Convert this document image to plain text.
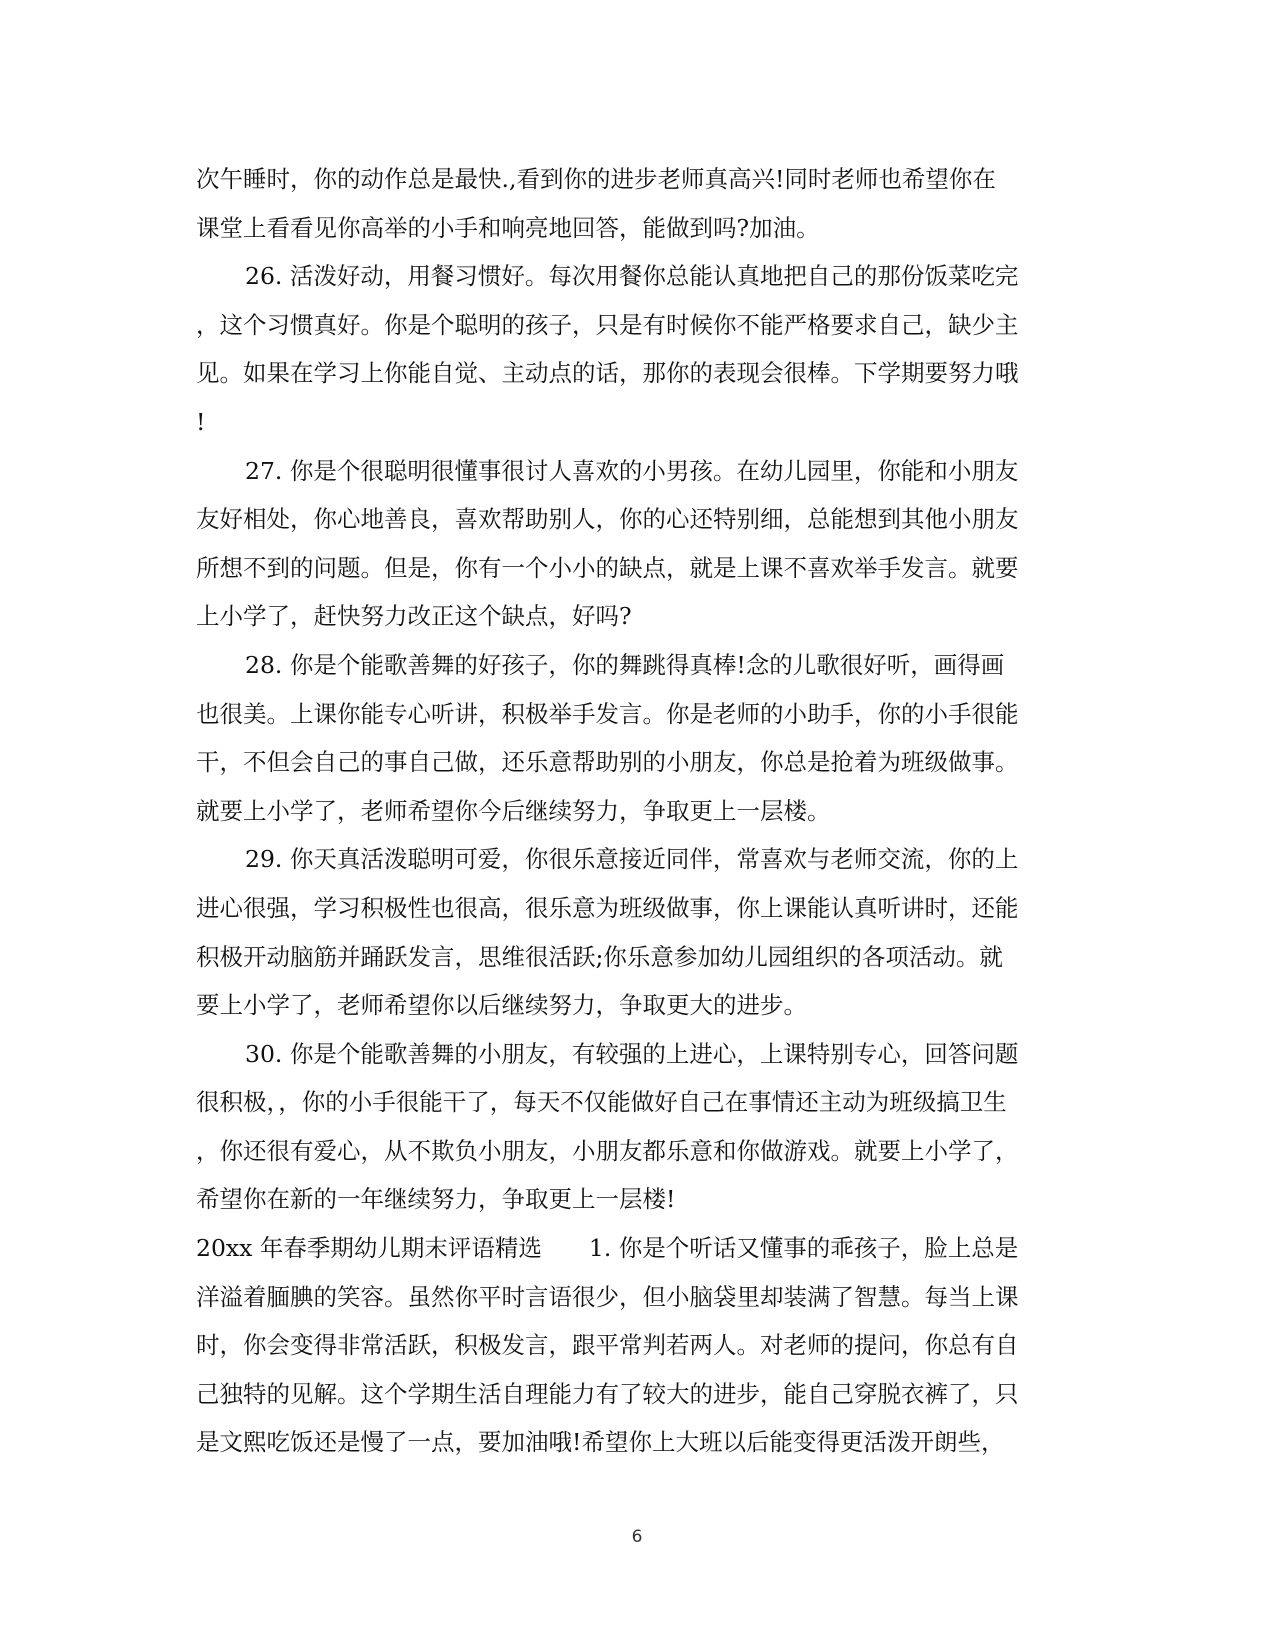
次午睡时，你的动作总是最快.,看到你的进步老师真高兴!同时老师也希望你在
课堂上看看见你高举的小手和响亮地回答，能做到吗?加油。
26. 活泼好动，用餐习惯好。每次用餐你总能认真地把自己的那份饭菜吃完
，这个习惯真好。你是个聪明的孩子，只是有时候你不能严格要求自己，缺少主
见。如果在学习上你能自觉、主动点的话，那你的表现会很棒。下学期要努力哦
!
27. 你是个很聪明很懂事很讨人喜欢的小男孩。在幼儿园里，你能和小朋友
友好相处，你心地善良，喜欢帮助别人，你的心还特别细，总能想到其他小朋友
所想不到的问题。但是，你有一个小小的缺点，就是上课不喜欢举手发言。就要
上小学了，赶快努力改正这个缺点，好吗?
28. 你是个能歌善舞的好孩子，你的舞跳得真棒!念的儿歌很好听，画得画
也很美。上课你能专心听讲，积极举手发言。你是老师的小助手，你的小手很能
干，不但会自己的事自己做，还乐意帮助别的小朋友，你总是抢着为班级做事。
就要上小学了，老师希望你今后继续努力，争取更上一层楼。
29. 你天真活泼聪明可爱，你很乐意接近同伴，常喜欢与老师交流，你的上
进心很强，学习积极性也很高，很乐意为班级做事，你上课能认真听讲时，还能
积极开动脑筋并踊跃发言，思维很活跃;你乐意参加幼儿园组织的各项活动。就
要上小学了，老师希望你以后继续努力，争取更大的进步。
30. 你是个能歌善舞的小朋友，有较强的上进心，上课特别专心，回答问题
很积极，，你的小手很能干了，每天不仅能做好自己在事情还主动为班级搞卫生
，你还很有爱心，从不欺负小朋友，小朋友都乐意和你做游戏。就要上小学了，
希望你在新的一年继续努力，争取更上一层楼!
20xx 年春季期幼儿期末评语精选　　1. 你是个听话又懂事的乖孩子，脸上总是
洋溢着腼腆的笑容。虽然你平时言语很少，但小脑袋里却装满了智慧。每当上课
时，你会变得非常活跃，积极发言，跟平常判若两人。对老师的提问，你总有自
己独特的见解。这个学期生活自理能力有了较大的进步，能自己穿脱衣裤了，只
是文熙吃饭还是慢了一点，要加油哦!希望你上大班以后能变得更活泼开朗些，
6
